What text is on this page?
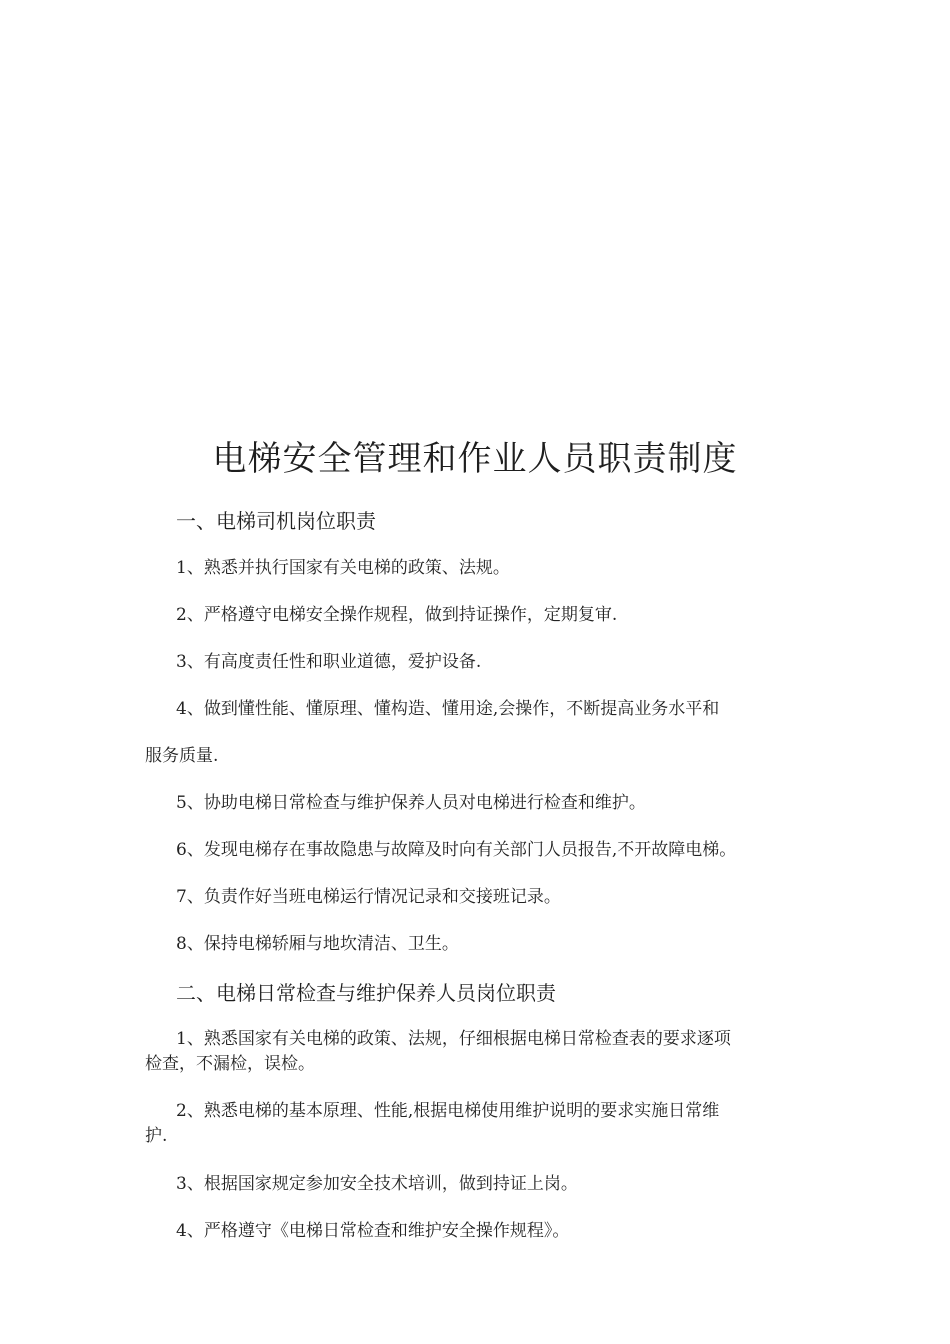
电梯安全管理和作业人员职责制度
一、电梯司机岗位职责
1、熟悉并执行国家有关电梯的政策、法规。
2、严格遵守电梯安全操作规程，做到持证操作，定期复审.
3、有高度责任性和职业道德，爱护设备.
4、做到懂性能、懂原理、懂构造、懂用途,会操作，不断提高业务水平和
服务质量.
5、协助电梯日常检查与维护保养人员对电梯进行检查和维护。
6、发现电梯存在事故隐患与故障及时向有关部门人员报告,不开故障电梯。
7、负责作好当班电梯运行情况记录和交接班记录。
8、保持电梯轿厢与地坎清洁、卫生。
二、电梯日常检查与维护保养人员岗位职责
1、熟悉国家有关电梯的政策、法规，仔细根据电梯日常检查表的要求逐项
检查，不漏检，误检。
2、熟悉电梯的基本原理、性能,根据电梯使用维护说明的要求实施日常维
护.
3、根据国家规定参加安全技术培训，做到持证上岗。
4、严格遵守《电梯日常检查和维护安全操作规程》。
